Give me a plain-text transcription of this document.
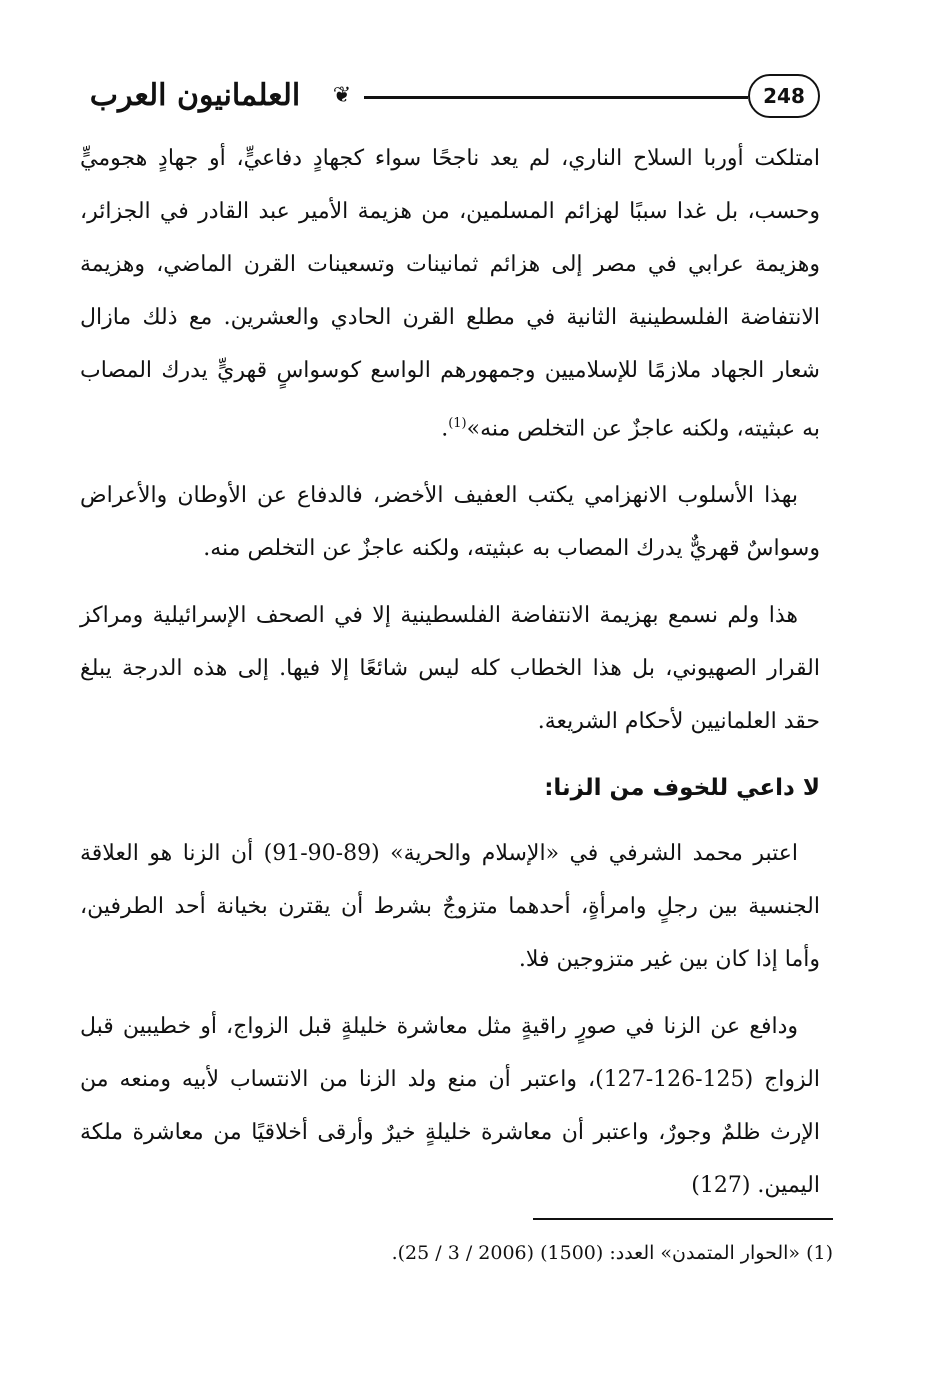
العلمانيون العرب	❦	248

امتلكت أوربا السلاح الناري، لم يعد ناجحًا سواء كجهادٍ دفاعيٍّ، أو جهادٍ هجوميٍّ وحسب، بل غدا سببًا لهزائم المسلمين، من هزيمة الأمير عبد القادر في الجزائر، وهزيمة عرابي في مصر إلى هزائم ثمانينات وتسعينات القرن الماضي، وهزيمة الانتفاضة الفلسطينية الثانية في مطلع القرن الحادي والعشرين. مع ذلك مازال شعار الجهاد ملازمًا للإسلاميين وجمهورهم الواسع كوسواسٍ قهريٍّ يدرك المصاب به عبثيته، ولكنه عاجزٌ عن التخلص منه»$^{(1)}$.

بهذا الأسلوب الانهزامي يكتب العفيف الأخضر، فالدفاع عن الأوطان والأعراض وسواسٌ قهريٌّ يدرك المصاب به عبثيته، ولكنه عاجزٌ عن التخلص منه.

هذا ولم نسمع بهزيمة الانتفاضة الفلسطينية إلا في الصحف الإسرائيلية ومراكز القرار الصهيوني، بل هذا الخطاب كله ليس شائعًا إلا فيها. إلى هذه الدرجة يبلغ حقد العلمانيين لأحكام الشريعة.

لا داعي للخوف من الزنا:

اعتبر محمد الشرفي في «الإسلام والحرية» (89-90-91) أن الزنا هو العلاقة الجنسية بين رجلٍ وامرأةٍ، أحدهما متزوجٌ بشرط أن يقترن بخيانة أحد الطرفين، وأما إذا كان بين غير متزوجين فلا.

ودافع عن الزنا في صورٍ راقيةٍ مثل معاشرة خليلةٍ قبل الزواج، أو خطيبين قبل الزواج (125-126-127)، واعتبر أن منع ولد الزنا من الانتساب لأبيه ومنعه من الإرث ظلمٌ وجورٌ، واعتبر أن معاشرة خليلةٍ خيرٌ وأرقى أخلاقيًا من معاشرة ملكة اليمين. (127)

(1) «الحوار المتمدن» العدد: (1500) (2006 / 3 / 25).
